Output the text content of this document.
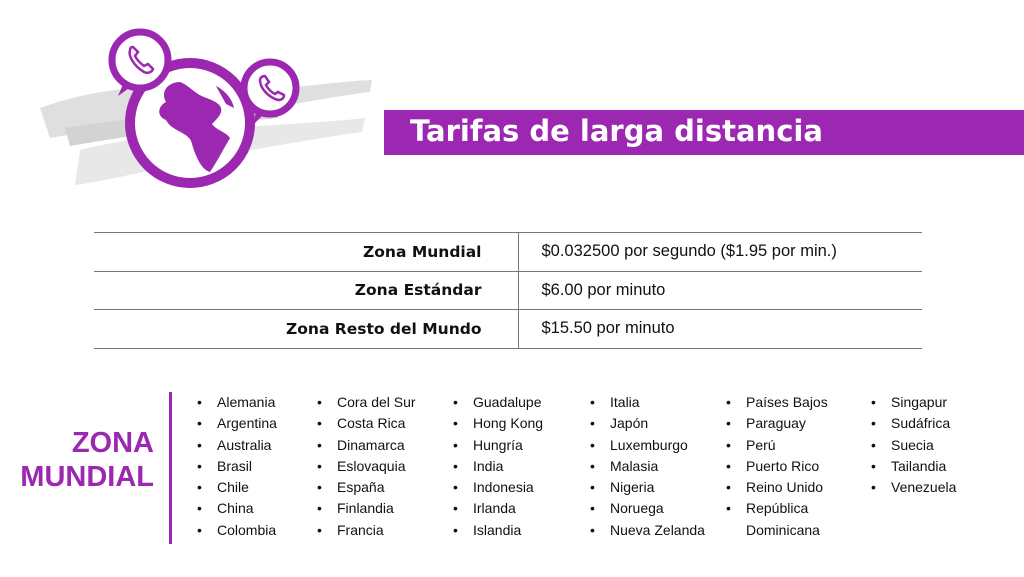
Tarifas de larga distancia
Zona Mundial	$0.032500 por segundo ($1.95 por min.)
Zona Estándar	$6.00 por minuto
Zona Resto del Mundo	$15.50 por minuto
ZONA
MUNDIAL
• Alemania
• Argentina
• Australia
• Brasil
• Chile
• China
• Colombia
• Cora del Sur
• Costa Rica
• Dinamarca
• Eslovaquia
• España
• Finlandia
• Francia
• Guadalupe
• Hong Kong
• Hungría
• India
• Indonesia
• Irlanda
• Islandia
• Italia
• Japón
• Luxemburgo
• Malasia
• Nigeria
• Noruega
• Nueva Zelanda
• Países Bajos
• Paraguay
• Perú
• Puerto Rico
• Reino Unido
• República
Dominicana
• Singapur
• Sudáfrica
• Suecia
• Tailandia
• Venezuela
